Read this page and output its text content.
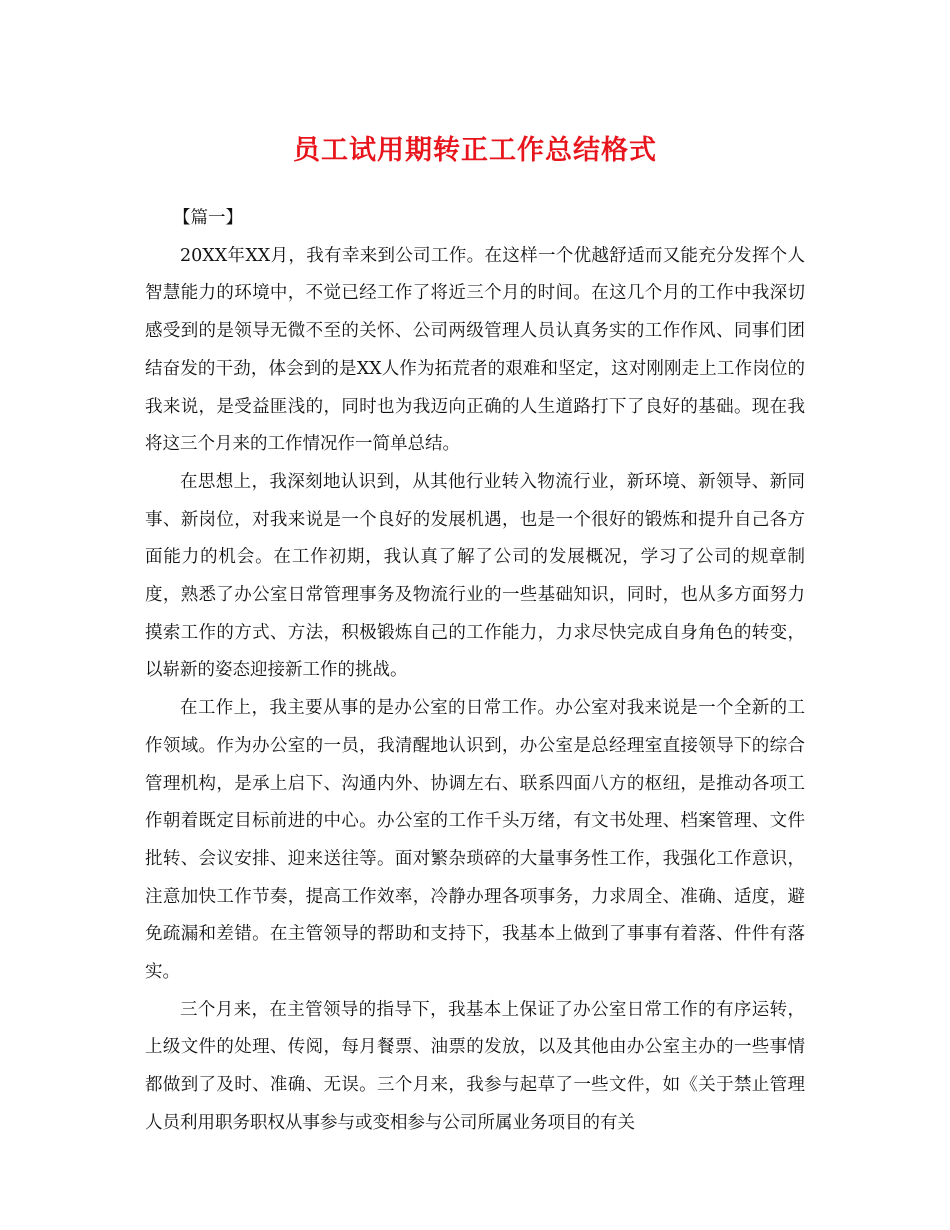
员工试用期转正工作总结格式
【篇一】

20XX年XX月，我有幸来到公司工作。在这样一个优越舒适而又能充分发挥个人智慧能力的环境中，不觉已经工作了将近三个月的时间。在这几个月的工作中我深切感受到的是领导无微不至的关怀、公司两级管理人员认真务实的工作作风、同事们团结奋发的干劲，体会到的是XX人作为拓荒者的艰难和坚定，这对刚刚走上工作岗位的我来说，是受益匪浅的，同时也为我迈向正确的人生道路打下了良好的基础。现在我将这三个月来的工作情况作一简单总结。

在思想上，我深刻地认识到，从其他行业转入物流行业，新环境、新领导、新同事、新岗位，对我来说是一个良好的发展机遇，也是一个很好的锻炼和提升自己各方面能力的机会。在工作初期，我认真了解了公司的发展概况，学习了公司的规章制度，熟悉了办公室日常管理事务及物流行业的一些基础知识，同时，也从多方面努力摸索工作的方式、方法，积极锻炼自己的工作能力，力求尽快完成自身角色的转变，以崭新的姿态迎接新工作的挑战。

在工作上，我主要从事的是办公室的日常工作。办公室对我来说是一个全新的工作领域。作为办公室的一员，我清醒地认识到，办公室是总经理室直接领导下的综合管理机构，是承上启下、沟通内外、协调左右、联系四面八方的枢纽，是推动各项工作朝着既定目标前进的中心。办公室的工作千头万绪，有文书处理、档案管理、文件批转、会议安排、迎来送往等。面对繁杂琐碎的大量事务性工作，我强化工作意识，注意加快工作节奏，提高工作效率，冷静办理各项事务，力求周全、准确、适度，避免疏漏和差错。在主管领导的帮助和支持下，我基本上做到了事事有着落、件件有落实。

三个月来，在主管领导的指导下，我基本上保证了办公室日常工作的有序运转，上级文件的处理、传阅，每月餐票、油票的发放，以及其他由办公室主办的一些事情都做到了及时、准确、无误。三个月来，我参与起草了一些文件，如《关于禁止管理人员利用职务职权从事参与或变相参与公司所属业务项目的有关
